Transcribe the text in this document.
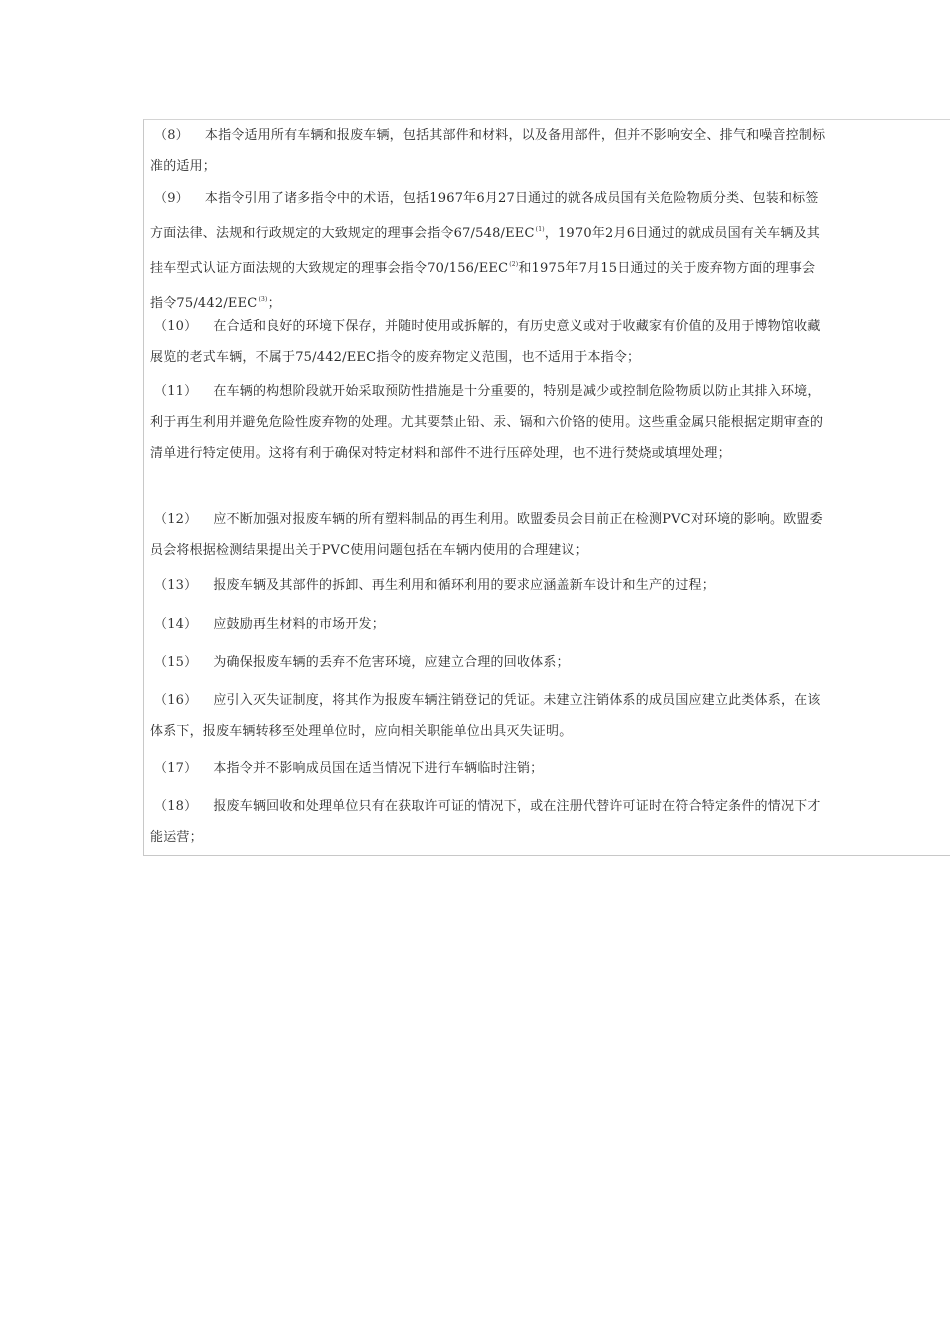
（8） 本指令适用所有车辆和报废车辆，包括其部件和材料，以及备用部件，但并不影响安全、排气和噪音控制标准的适用；

（9） 本指令引用了诸多指令中的术语，包括1967年6月27日通过的就各成员国有关危险物质分类、包装和标签方面法律、法规和行政规定的大致规定的理事会指令67/548/EEC$^{(1)}$，1970年2月6日通过的就成员国有关车辆及其挂车型式认证方面法规的大致规定的理事会指令70/156/EEC$^{(2)}$和1975年7月15日通过的关于废弃物方面的理事会指令75/442/EEC$^{(3)}$；

（10） 在合适和良好的环境下保存，并随时使用或拆解的，有历史意义或对于收藏家有价值的及用于博物馆收藏展览的老式车辆，不属于75/442/EEC指令的废弃物定义范围，也不适用于本指令；

（11） 在车辆的构想阶段就开始采取预防性措施是十分重要的，特别是减少或控制危险物质以防止其排入环境，利于再生利用并避免危险性废弃物的处理。尤其要禁止铅、汞、镉和六价铬的使用。这些重金属只能根据定期审查的清单进行特定使用。这将有利于确保对特定材料和部件不进行压碎处理，也不进行焚烧或填埋处理；

（12） 应不断加强对报废车辆的所有塑料制品的再生利用。欧盟委员会目前正在检测PVC对环境的影响。欧盟委员会将根据检测结果提出关于PVC使用问题包括在车辆内使用的合理建议；

（13） 报废车辆及其部件的拆卸、再生利用和循环利用的要求应涵盖新车设计和生产的过程；

（14） 应鼓励再生材料的市场开发；

（15） 为确保报废车辆的丢弃不危害环境，应建立合理的回收体系；

（16） 应引入灭失证制度，将其作为报废车辆注销登记的凭证。未建立注销体系的成员国应建立此类体系，在该体系下，报废车辆转移至处理单位时，应向相关职能单位出具灭失证明。

（17） 本指令并不影响成员国在适当情况下进行车辆临时注销；

（18） 报废车辆回收和处理单位只有在获取许可证的情况下，或在注册代替许可证时在符合特定条件的情况下才能运营；
